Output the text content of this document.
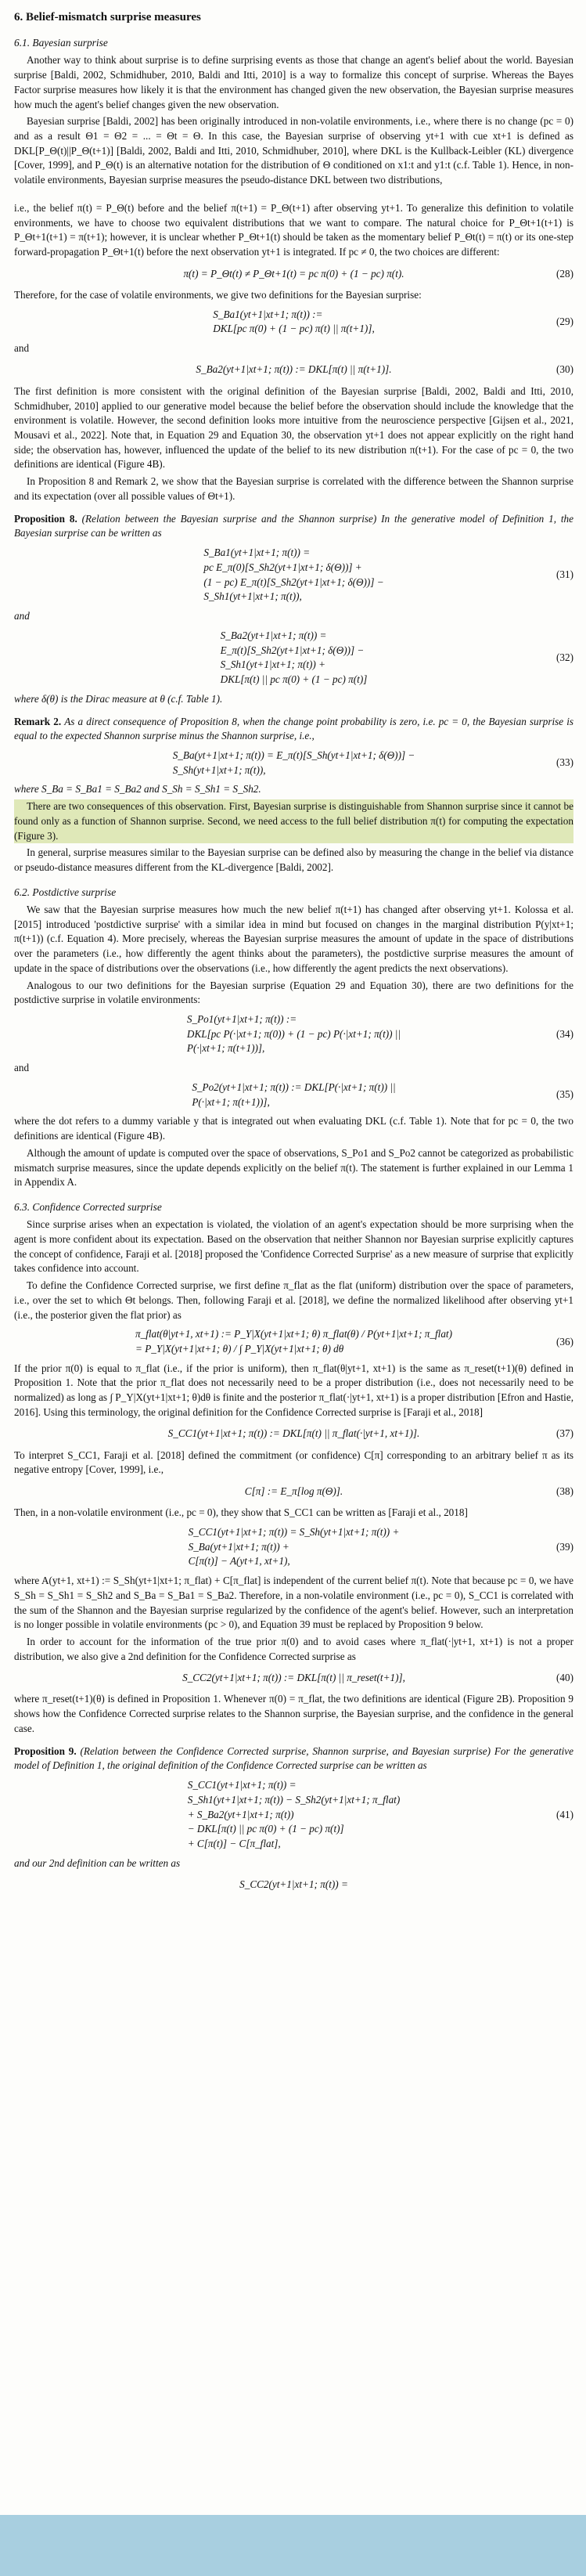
6. Belief-mismatch surprise measures
6.1. Bayesian surprise

Another way to think about surprise is to define surprising events as those that change an agent's belief about the world. Bayesian surprise [Baldi, 2002, Schmidhuber, 2010, Baldi and Itti, 2010] is a way to formalize this concept of surprise. Whereas the Bayes Factor surprise measures how likely it is that the environment has changed given the new observation, the Bayesian surprise measures how much the agent's belief changes given the new observation.

Bayesian surprise [Baldi, 2002] has been originally introduced in non-volatile environments, i.e., where there is no change (pc = 0) and as a result Θ1 = Θ2 = ... = Θt = Θ. In this case, the Bayesian surprise of observing yt+1 with cue xt+1 is defined as DKL[P_Θ(t)||P_Θ(t+1)] [Baldi, 2002, Baldi and Itti, 2010, Schmidhuber, 2010], where DKL is the Kullback-Leibler (KL) divergence [Cover, 1999], and P_Θ(t) is an alternative notation for the distribution of Θ conditioned on x1:t and y1:t (c.f. Table 1). Hence, in non-volatile environments, Bayesian surprise measures the pseudo-distance DKL between two distributions,

i.e., the belief π(t) = P_Θ(t) before and the belief π(t+1) = P_Θ(t+1) after observing yt+1. To generalize this definition to volatile environments, we have to choose two equivalent distributions that we want to compare. The natural choice for P_Θt+1(t+1) is P_Θt+1(t+1) = π(t+1); however, it is unclear whether P_Θt+1(t) should be taken as the momentary belief P_Θt(t) = π(t) or its one-step forward-propagation P_Θt+1(t) before the next observation yt+1 is integrated. If pc ≠ 0, the two choices are different:

π(t) = P_Θt(t) ≠ P_Θt+1(t) = pc π(0) + (1 − pc) π(t).	(28)

Therefore, for the case of volatile environments, we give two definitions for the Bayesian surprise:

S_Ba1(yt+1|xt+1; π(t)) :=
DKL[pc π(0) + (1 − pc) π(t) || π(t+1)],
(29)

and

S_Ba2(yt+1|xt+1; π(t)) := DKL[π(t) || π(t+1)].	(30)

The first definition is more consistent with the original definition of the Bayesian surprise [Baldi, 2002, Baldi and Itti, 2010, Schmidhuber, 2010] applied to our generative model because the belief before the observation should include the knowledge that the environment is volatile. However, the second definition looks more intuitive from the neuroscience perspective [Gijsen et al., 2021, Mousavi et al., 2022]. Note that, in Equation 29 and Equation 30, the observation yt+1 does not appear explicitly on the right hand side; the observation has, however, influenced the update of the belief to its new distribution π(t+1). For the case of pc = 0, the two definitions are identical (Figure 4B).

In Proposition 8 and Remark 2, we show that the Bayesian surprise is correlated with the difference between the Shannon surprise and its expectation (over all possible values of Θt+1).

Proposition 8. (Relation between the Bayesian surprise and the Shannon surprise) In the generative model of Definition 1, the Bayesian surprise can be written as

S_Ba1(yt+1|xt+1; π(t)) =
pc E_π(0)[S_Sh2(yt+1|xt+1; δ(Θ))] +
(1 − pc) E_π(t)[S_Sh2(yt+1|xt+1; δ(Θ))] −
S_Sh1(yt+1|xt+1; π(t)),
(31)

and

S_Ba2(yt+1|xt+1; π(t)) =
E_π(t)[S_Sh2(yt+1|xt+1; δ(Θ))] −
S_Sh1(yt+1|xt+1; π(t)) +
DKL[π(t) || pc π(0) + (1 − pc) π(t)]
(32)

where δ(θ) is the Dirac measure at θ (c.f. Table 1).

Remark 2. As a direct consequence of Proposition 8, when the change point probability is zero, i.e. pc = 0, the Bayesian surprise is equal to the expected Shannon surprise minus the Shannon surprise, i.e.,

S_Ba(yt+1|xt+1; π(t)) = E_π(t)[S_Sh(yt+1|xt+1; δ(Θ))] −
S_Sh(yt+1|xt+1; π(t)),
(33)

where S_Ba = S_Ba1 = S_Ba2 and S_Sh = S_Sh1 = S_Sh2.

There are two consequences of this observation. First, Bayesian surprise is distinguishable from Shannon surprise since it cannot be found only as a function of Shannon surprise. Second, we need access to the full belief distribution π(t) for computing the expectation (Figure 3).

In general, surprise measures similar to the Bayesian surprise can be defined also by measuring the change in the belief via distance or pseudo-distance measures different from the KL-divergence [Baldi, 2002].

6.2. Postdictive surprise

We saw that the Bayesian surprise measures how much the new belief π(t+1) has changed after observing yt+1. Kolossa et al. [2015] introduced 'postdictive surprise' with a similar idea in mind but focused on changes in the marginal distribution P(y|xt+1; π(t+1)) (c.f. Equation 4). More precisely, whereas the Bayesian surprise measures the amount of update in the space of distributions over the parameters (i.e., how differently the agent thinks about the parameters), the postdictive surprise measures the amount of update in the space of distributions over the observations (i.e., how differently the agent predicts the next observations).

Analogous to our two definitions for the Bayesian surprise (Equation 29 and Equation 30), there are two definitions for the postdictive surprise in volatile environments:

S_Po1(yt+1|xt+1; π(t)) :=
DKL[pc P(·|xt+1; π(0)) + (1 − pc) P(·|xt+1; π(t)) ||
P(·|xt+1; π(t+1))],
(34)

and

S_Po2(yt+1|xt+1; π(t)) := DKL[P(·|xt+1; π(t)) ||
P(·|xt+1; π(t+1))],
(35)

where the dot refers to a dummy variable y that is integrated out when evaluating DKL (c.f. Table 1). Note that for pc = 0, the two definitions are identical (Figure 4B).

Although the amount of update is computed over the space of observations, S_Po1 and S_Po2 cannot be categorized as probabilistic mismatch surprise measures, since the update depends explicitly on the belief π(t). The statement is further explained in our Lemma 1 in Appendix A.

6.3. Confidence Corrected surprise

Since surprise arises when an expectation is violated, the violation of an agent's expectation should be more surprising when the agent is more confident about its expectation. Based on the observation that neither Shannon nor Bayesian surprise explicitly captures the concept of confidence, Faraji et al. [2018] proposed the 'Confidence Corrected Surprise' as a new measure of surprise that explicitly takes confidence into account.

To define the Confidence Corrected surprise, we first define π_flat as the flat (uniform) distribution over the space of parameters, i.e., over the set to which Θt belongs. Then, following Faraji et al. [2018], we define the normalized likelihood after observing yt+1 (i.e., the posterior given the flat prior) as

π_flat(θ|yt+1, xt+1) := P_Y|X(yt+1|xt+1; θ) π_flat(θ) / P(yt+1|xt+1; π_flat)
= P_Y|X(yt+1|xt+1; θ) / ∫ P_Y|X(yt+1|xt+1; θ) dθ
(36)

If the prior π(0) is equal to π_flat (i.e., if the prior is uniform), then π_flat(θ|yt+1, xt+1) is the same as π_reset(t+1)(θ) defined in Proposition 1. Note that the prior π_flat does not necessarily need to be a proper distribution (i.e., does not necessarily need to be normalized) as long as ∫ P_Y|X(yt+1|xt+1; θ)dθ is finite and the posterior π_flat(·|yt+1, xt+1) is a proper distribution [Efron and Hastie, 2016]. Using this terminology, the original definition for the Confidence Corrected surprise is [Faraji et al., 2018]

S_CC1(yt+1|xt+1; π(t)) := DKL[π(t) || π_flat(·|yt+1, xt+1)].	(37)

To interpret S_CC1, Faraji et al. [2018] defined the commitment (or confidence) C[π] corresponding to an arbitrary belief π as its negative entropy [Cover, 1999], i.e.,

C[π] := E_π[log π(Θ)].	(38)

Then, in a non-volatile environment (i.e., pc = 0), they show that S_CC1 can be written as [Faraji et al., 2018]

S_CC1(yt+1|xt+1; π(t)) = S_Sh(yt+1|xt+1; π(t)) +
S_Ba(yt+1|xt+1; π(t)) +
C[π(t)] − A(yt+1, xt+1),
(39)

where A(yt+1, xt+1) := S_Sh(yt+1|xt+1; π_flat) + C[π_flat] is independent of the current belief π(t). Note that because pc = 0, we have S_Sh = S_Sh1 = S_Sh2 and S_Ba = S_Ba1 = S_Ba2. Therefore, in a non-volatile environment (i.e., pc = 0), S_CC1 is correlated with the sum of the Shannon and the Bayesian surprise regularized by the confidence of the agent's belief. However, such an interpretation is no longer possible in volatile environments (pc > 0), and Equation 39 must be replaced by Proposition 9 below.

In order to account for the information of the true prior π(0) and to avoid cases where π_flat(·|yt+1, xt+1) is not a proper distribution, we also give a 2nd definition for the Confidence Corrected surprise as

S_CC2(yt+1|xt+1; π(t)) := DKL[π(t) || π_reset(t+1)],	(40)

where π_reset(t+1)(θ) is defined in Proposition 1. Whenever π(0) = π_flat, the two definitions are identical (Figure 2B). Proposition 9 shows how the Confidence Corrected surprise relates to the Shannon surprise, the Bayesian surprise, and the confidence in the general case.

Proposition 9. (Relation between the Confidence Corrected surprise, Shannon surprise, and Bayesian surprise) For the generative model of Definition 1, the original definition of the Confidence Corrected surprise can be written as

S_CC1(yt+1|xt+1; π(t)) =
S_Sh1(yt+1|xt+1; π(t)) − S_Sh2(yt+1|xt+1; π_flat)
+ S_Ba2(yt+1|xt+1; π(t))
− DKL[π(t) || pc π(0) + (1 − pc) π(t)]
+ C[π(t)] − C[π_flat],
(41)

and our 2nd definition can be written as

S_CC2(yt+1|xt+1; π(t)) =
